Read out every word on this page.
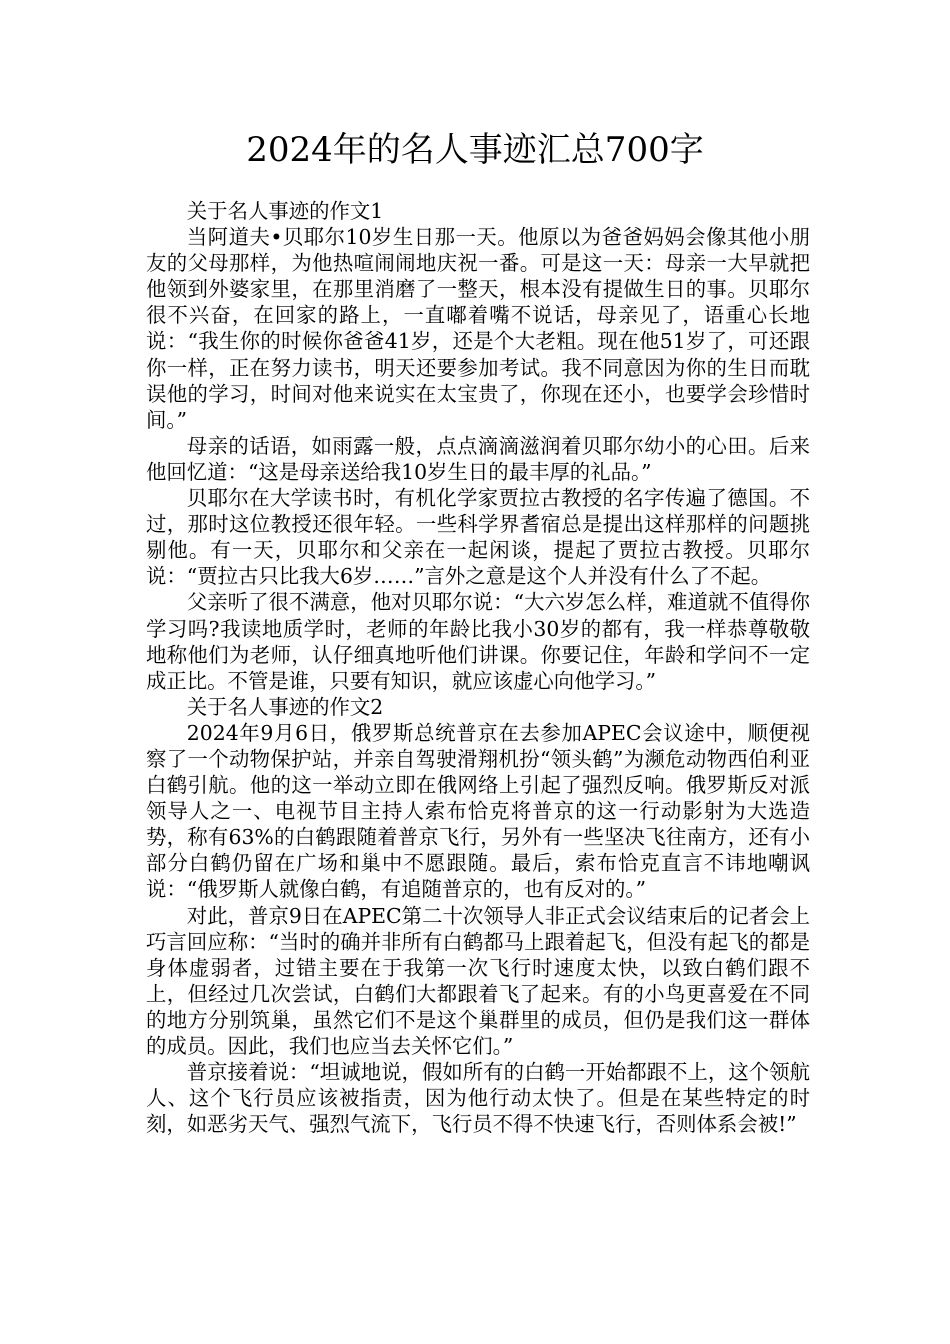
2024年的名人事迹汇总700字

关于名人事迹的作文1

当阿道夫•贝耶尔10岁生日那一天。他原以为爸爸妈妈会像其他小朋友的父母那样，为他热喧闹闹地庆祝一番。可是这一天：母亲一大早就把他领到外婆家里，在那里消磨了一整天，根本没有提做生日的事。贝耶尔很不兴奋，在回家的路上，一直嘟着嘴不说话，母亲见了，语重心长地说：“我生你的时候你爸爸41岁，还是个大老粗。现在他51岁了，可还跟你一样，正在努力读书，明天还要参加考试。我不同意因为你的生日而耽误他的学习，时间对他来说实在太宝贵了，你现在还小，也要学会珍惜时间。”

母亲的话语，如雨露一般，点点滴滴滋润着贝耶尔幼小的心田。后来他回忆道：“这是母亲送给我10岁生日的最丰厚的礼品。”

贝耶尔在大学读书时，有机化学家贾拉古教授的名字传遍了德国。不过，那时这位教授还很年轻。一些科学界耆宿总是提出这样那样的问题挑剔他。有一天，贝耶尔和父亲在一起闲谈，提起了贾拉古教授。贝耶尔说：“贾拉古只比我大6岁……”言外之意是这个人并没有什么了不起。

父亲听了很不满意，他对贝耶尔说：“大六岁怎么样，难道就不值得你学习吗?我读地质学时，老师的年龄比我小30岁的都有，我一样恭尊敬敬地称他们为老师，认仔细真地听他们讲课。你要记住，年龄和学问不一定成正比。不管是谁，只要有知识，就应该虚心向他学习。”

关于名人事迹的作文2

2024年9月6日，俄罗斯总统普京在去参加APEC会议途中，顺便视察了一个动物保护站，并亲自驾驶滑翔机扮“领头鹤”为濒危动物西伯利亚白鹤引航。他的这一举动立即在俄网络上引起了强烈反响。俄罗斯反对派领导人之一、电视节目主持人索布恰克将普京的这一行动影射为大选造势，称有63%的白鹤跟随着普京飞行，另外有一些坚决飞往南方，还有小部分白鹤仍留在广场和巢中不愿跟随。最后，索布恰克直言不讳地嘲讽说：“俄罗斯人就像白鹤，有追随普京的，也有反对的。”

对此，普京9日在APEC第二十次领导人非正式会议结束后的记者会上巧言回应称：“当时的确并非所有白鹤都马上跟着起飞，但没有起飞的都是身体虚弱者，过错主要在于我第一次飞行时速度太快，以致白鹤们跟不上，但经过几次尝试，白鹤们大都跟着飞了起来。有的小鸟更喜爱在不同的地方分别筑巢，虽然它们不是这个巢群里的成员，但仍是我们这一群体的成员。因此，我们也应当去关怀它们。”

普京接着说：“坦诚地说，假如所有的白鹤一开始都跟不上，这个领航人、这个飞行员应该被指责，因为他行动太快了。但是在某些特定的时刻，如恶劣天气、强烈气流下，飞行员不得不快速飞行，否则体系会被!”
